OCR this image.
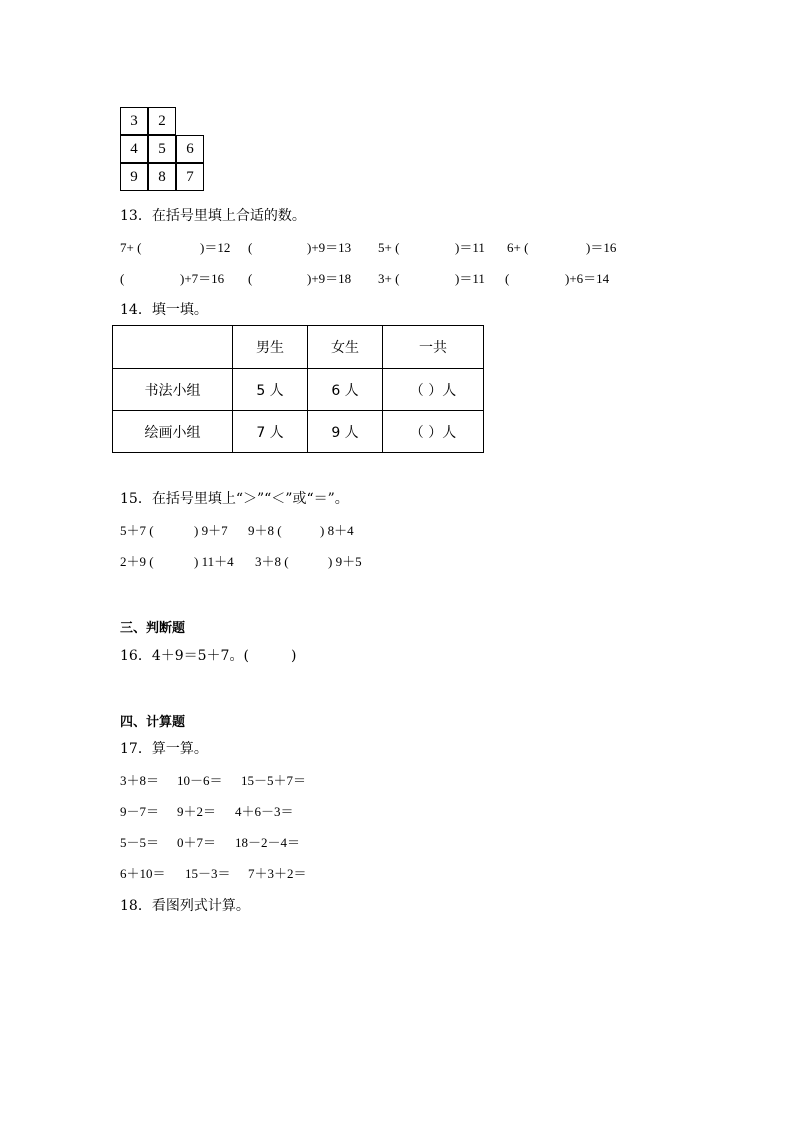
3	2
4	5	6
9	8	7
13．在括号里填上合适的数。
7+ (	)＝12 (	)+9＝13 5+ (	)＝11 6+ (	)＝16
(	)+7＝16 (	)+9＝18 3+ (	)＝11 (	)+6＝14
14．填一填。
	男生	女生	一共
书法小组	5 人	6 人	（ ）人
绘画小组	7 人	9 人	（ ）人
15．在括号里填上“＞”“＜”或“＝”。
5＋7 (	) 9＋7 9＋8 (	) 8＋4
2＋9 (	) 11＋4 3＋8 (	) 9＋5
三、判断题
16．4＋9＝5＋7。(	)
四、计算题
17．算一算。
3＋8＝ 10－6＝ 15－5＋7＝
9－7＝ 9＋2＝ 4＋6－3＝
5－5＝ 0＋7＝ 18－2－4＝
6＋10＝ 15－3＝ 7＋3＋2＝
18．看图列式计算。
